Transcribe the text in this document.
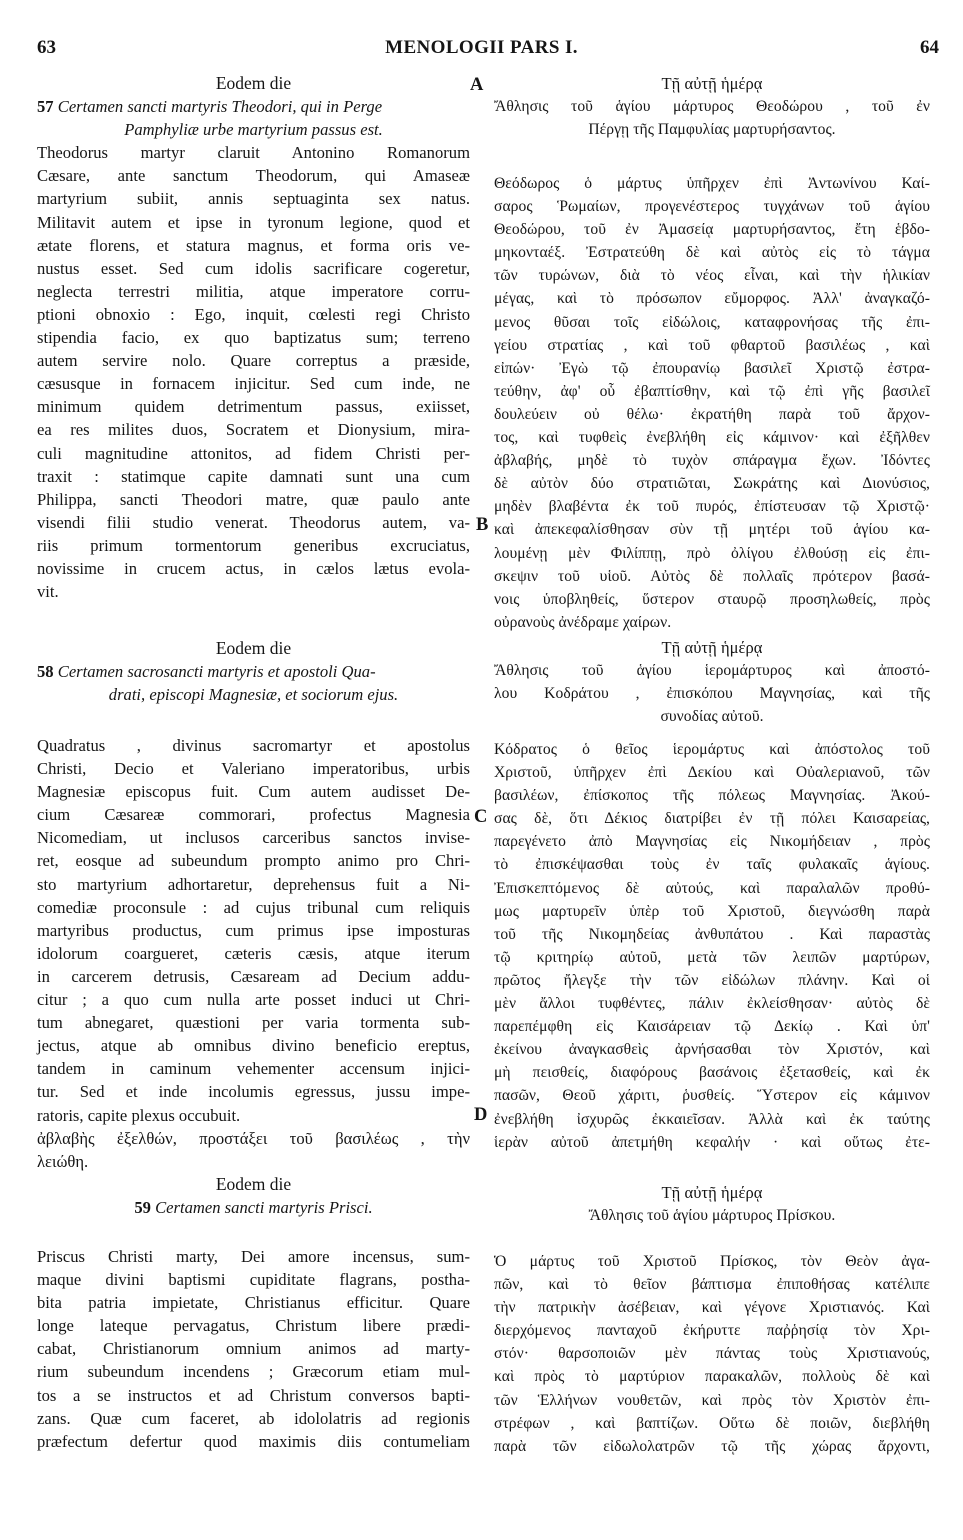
63	MENOLOGII PARS I.	64
A
B
C
D
Eodem die
57 Certamen sancti martyris Theodori, qui in Perge
Pamphyliæ urbe martyrium passus est.
Theodorus martyr claruit Antonino Romanorum
Cæsare, ante sanctum Theodorum, qui Amaseæ
martyrium subiit, annis septuaginta sex natus.
Militavit autem et ipse in tyronum legione, quod et
ætate florens, et statura magnus, et forma oris ve-
nustus esset. Sed cum idolis sacrificare cogeretur,
neglecta terrestri militia, atque imperatore corru-
ptioni obnoxio : Ego, inquit, cœlesti regi Christo
stipendia facio, ex quo baptizatus sum; terreno
autem servire nolo. Quare correptus a præside,
cæsusque in fornacem injicitur. Sed cum inde, ne
minimum quidem detrimentum passus, exiisset,
ea res milites duos, Socratem et Dionysium, mira-
culi magnitudine attonitos, ad fidem Christi per-
traxit : statimque capite damnati sunt una cum
Philippa, sancti Theodori matre, quæ paulo ante
visendi filii studio venerat. Theodorus autem, va-
riis primum tormentorum generibus excruciatus,
novissime in crucem actus, in cælos lætus evola-
vit.
Eodem die
58 Certamen sacrosancti martyris et apostoli Qua-
drati, episcopi Magnesiæ, et sociorum ejus.
Quadratus , divinus sacromartyr et apostolus
Christi, Decio et Valeriano imperatoribus, urbis
Magnesiæ episcopus fuit. Cum autem audisset De-
cium Cæsareæ commorari, profectus Magnesia
Nicomediam, ut inclusos carceribus sanctos invise-
ret, eosque ad subeundum prompto animo pro Chri-
sto martyrium adhortaretur, deprehensus fuit a Ni-
comediæ proconsule : ad cujus tribunal cum reliquis
martyribus productus, cum primus ipse imposturas
idolorum coargueret, cæteris cæsis, atque iterum
in carcerem detrusis, Cæsaream ad Decium addu-
citur ; a quo cum nulla arte posset induci ut Chri-
tum abnegaret, quæstioni per varia tormenta sub-
jectus, atque ab omnibus divino beneficio ereptus,
tandem in caminum vehementer accensum injici-
tur. Sed et inde incolumis egressus, jussu impe-
ratoris, capite plexus occubuit.
ἀβλαβὴς ἐξελθών, προστάξει τοῦ βασιλέως , τὴν
λειώθη.
Eodem die
59 Certamen sancti martyris Prisci.
Priscus Christi marty, Dei amore incensus, sum-
maque divini baptismi cupiditate flagrans, postha-
bita patria impietate, Christianus efficitur. Quare
longe lateque pervagatus, Christum libere prædi-
cabat, Christianorum omnium animos ad marty-
rium subeundum incendens ; Græcorum etiam mul-
tos a se instructos et ad Christum conversos bapti-
zans. Quæ cum faceret, ab idololatris ad regionis
præfectum defertur quod maximis diis contumeliam
Τῇ αὐτῇ ἡμέρᾳ
Ἄθλησις τοῦ ἁγίου μάρτυρος Θεοδώρου , τοῦ ἐν
Πέργῃ τῆς Παμφυλίας μαρτυρήσαντος.
Θεόδωρος ὁ μάρτυς ὑπῆρχεν ἐπὶ Ἀντωνίνου Καί-
σαρος Ῥωμαίων, προγενέστερος τυγχάνων τοῦ ἁγίου
Θεοδώρου, τοῦ ἐν Ἀμασείᾳ μαρτυρήσαντος, ἔτη ἑβδο-
μηκονταέξ. Ἐστρατεύθη δὲ καὶ αὐτὸς εἰς τὸ τάγμα
τῶν τυρώνων, διὰ τὸ νέος εἶναι, καὶ τὴν ἡλικίαν
μέγας, καὶ τὸ πρόσωπον εὔμορφος. Ἀλλ' ἀναγκαζό-
μενος θῦσαι τοῖς εἰδώλοις, καταφρονήσας τῆς ἐπι-
γείου στρατίας , καὶ τοῦ φθαρτοῦ βασιλέως , καὶ
εἰπών· Ἐγὼ τῷ ἐπουρανίῳ βασιλεῖ Χριστῷ ἐστρα-
τεύθην, ἀφ' οὗ ἐβαπτίσθην, καὶ τῷ ἐπὶ γῆς βασιλεῖ
δουλεύειν οὐ θέλω· ἐκρατήθη παρὰ τοῦ ἄρχον-
τος, καὶ τυφθεὶς ἐνεβλήθη εἰς κάμινον· καὶ ἐξῆλθεν
ἀβλαβής, μηδὲ τὸ τυχὸν σπάραγμα ἔχων. Ἰδόντες
δὲ αὐτὸν δύο στρατιῶται, Σωκράτης καὶ Διονύσιος,
μηδὲν βλαβέντα ἐκ τοῦ πυρός, ἐπίστευσαν τῷ Χριστῷ·
καὶ ἀπεκεφαλίσθησαν σὺν τῇ μητέρι τοῦ ἁγίου κα-
λουμένῃ μὲν Φιλίππῃ, πρὸ ὀλίγου ἐλθούσῃ εἰς ἐπι-
σκεψιν τοῦ υἱοῦ. Αὐτὸς δὲ πολλαῖς πρότερον βασά-
νοις ὑποβληθείς, ὕστερον σταυρῷ προσηλωθείς, πρὸς
οὐρανοὺς ἀνέδραμε χαίρων.
Τῇ αὐτῇ ἡμέρᾳ
Ἄθλησις τοῦ ἁγίου ἱερομάρτυρος καὶ ἀποστό-
λου Κοδράτου , ἐπισκόπου Μαγνησίας, καὶ τῆς
συνοδίας αὐτοῦ.
Κόδρατος ὁ θεῖος ἱερομάρτυς καὶ ἀπόστολος τοῦ
Χριστοῦ, ὑπῆρχεν ἐπὶ Δεκίου καὶ Οὐαλεριανοῦ, τῶν
βασιλέων, ἐπίσκοπος τῆς πόλεως Μαγνησίας. Ἀκού-
σας δὲ, ὅτι Δέκιος διατρίβει ἐν τῇ πόλει Καισαρείας,
παρεγένετο ἀπὸ Μαγνησίας εἰς Νικομήδειαν , πρὸς
τὸ ἐπισκέψασθαι τοὺς ἐν ταῖς φυλακαῖς ἁγίους.
Ἐπισκεπτόμενος δὲ αὐτούς, καὶ παραλαλῶν προθύ-
μως μαρτυρεῖν ὑπὲρ τοῦ Χριστοῦ, διεγνώσθη παρὰ
τοῦ τῆς Νικομηδείας ἀνθυπάτου . Καὶ παραστὰς
τῷ κριτηρίῳ αὐτοῦ, μετὰ τῶν λειπῶν μαρτύρων,
πρῶτος ἤλεγξε τὴν τῶν εἰδώλων πλάνην. Καὶ οἱ
μὲν ἄλλοι τυφθέντες, πάλιν ἐκλείσθησαν· αὐτὸς δὲ
παρεπέμφθη εἰς Καισάρειαν τῷ Δεκίῳ . Καὶ ὑπ'
ἐκείνου ἀναγκασθεὶς ἀρνήσασθαι τὸν Χριστόν, καὶ
μὴ πεισθείς, διαφόρους βασάνοις ἐξετασθείς, καὶ ἐκ
πασῶν, Θεοῦ χάριτι, ῥυσθείς. Ὕστερον εἰς κάμινον
ἐνεβλήθη ἰσχυρῶς ἐκκαιεῖσαν. Ἀλλὰ καὶ ἐκ ταύτης
ἱερὰν αὐτοῦ ἀπετμήθη κεφαλήν · καὶ οὕτως ἐτε-
Τῇ αὐτῇ ἡμέρᾳ
Ἄθλησις τοῦ ἁγίου μάρτυρος Πρίσκου.
Ὁ μάρτυς τοῦ Χριστοῦ Πρίσκος, τὸν Θεὸν ἀγα-
πῶν, καὶ τὸ θεῖον βάπτισμα ἐπιποθήσας κατέλιπε
τὴν πατρικὴν ἀσέβειαν, καὶ γέγονε Χριστιανός. Καὶ
διερχόμενος πανταχοῦ ἐκήρυττε παῤῥησίᾳ τὸν Χρι-
στόν· θαρσοποιῶν μὲν πάντας τοὺς Χριστιανούς,
καὶ πρὸς τὸ μαρτύριον παρακαλῶν, πολλοὺς δὲ καὶ
τῶν Ἑλλήνων νουθετῶν, καὶ πρὸς τὸν Χριστὸν ἐπι-
στρέφων , καὶ βαπτίζων. Οὕτω δὲ ποιῶν, διεβλήθη
παρὰ τῶν εἰδωλολατρῶν τῷ τῆς χώρας ἄρχοντι,
